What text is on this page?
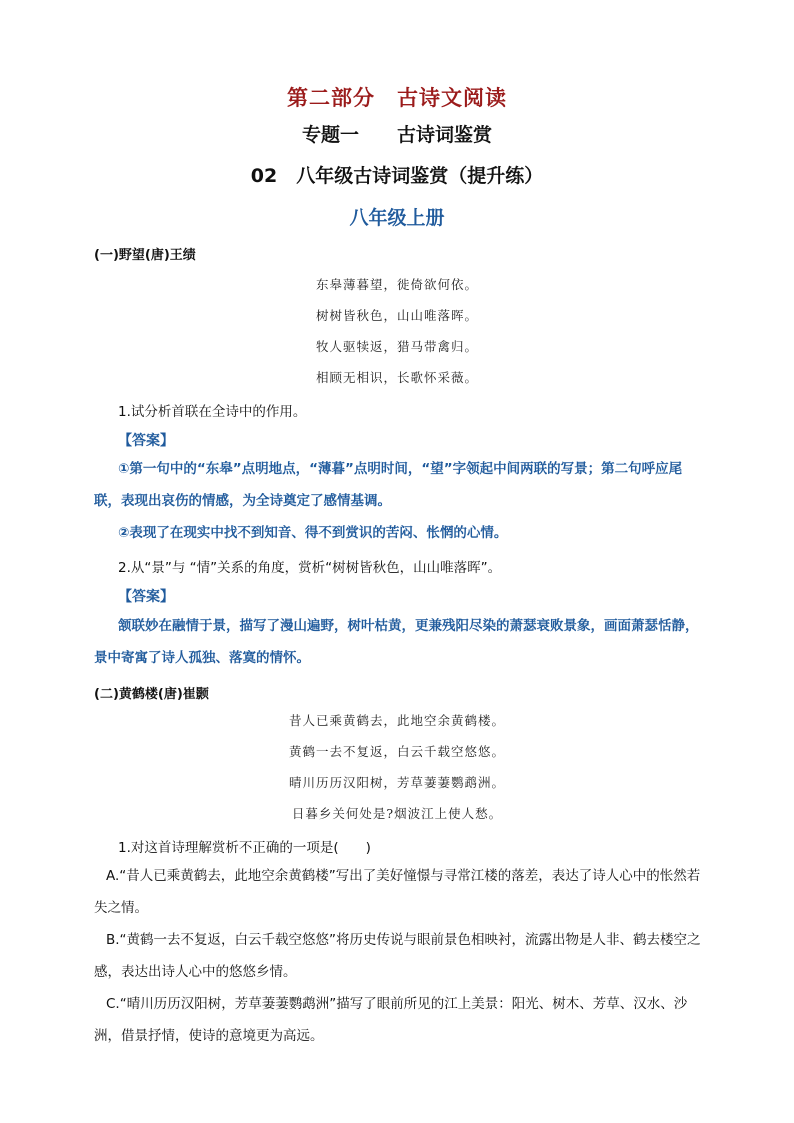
第二部分　古诗文阅读
专题一　　古诗词鉴赏
02　八年级古诗词鉴赏（提升练）
八年级上册
(一)野望(唐)王绩
东皋薄暮望，徙倚欲何依。
树树皆秋色，山山唯落晖。
牧人驱犊返，猎马带禽归。
相顾无相识，长歌怀采薇。
1.试分析首联在全诗中的作用。
【答案】
①第一句中的“东皋”点明地点，“薄暮”点明时间，“望”字领起中间两联的写景；第二句呼应尾联，表现出哀伤的情感，为全诗奠定了感情基调。
②表现了在现实中找不到知音、得不到赏识的苦闷、怅惘的心情。
2.从“景”与 “情”关系的角度，赏析“树树皆秋色，山山唯落晖”。
【答案】
颔联妙在融情于景，描写了漫山遍野，树叶枯黄，更兼残阳尽染的萧瑟衰败景象，画面萧瑟恬静，景中寄寓了诗人孤独、落寞的情怀。
(二)黄鹤楼(唐)崔颢
昔人已乘黄鹤去，此地空余黄鹤楼。
黄鹤一去不复返，白云千载空悠悠。
晴川历历汉阳树，芳草萋萋鹦鹉洲。
日暮乡关何处是?烟波江上使人愁。
1.对这首诗理解赏析不正确的一项是(　　)
A.“昔人已乘黄鹤去，此地空余黄鹤楼”写出了美好憧憬与寻常江楼的落差，表达了诗人心中的怅然若失之情。
B.“黄鹤一去不复返，白云千载空悠悠”将历史传说与眼前景色相映衬，流露出物是人非、鹤去楼空之感，表达出诗人心中的悠悠乡情。
C.“晴川历历汉阳树，芳草萋萋鹦鹉洲”描写了眼前所见的江上美景：阳光、树木、芳草、汉水、沙洲，借景抒情，使诗的意境更为高远。
